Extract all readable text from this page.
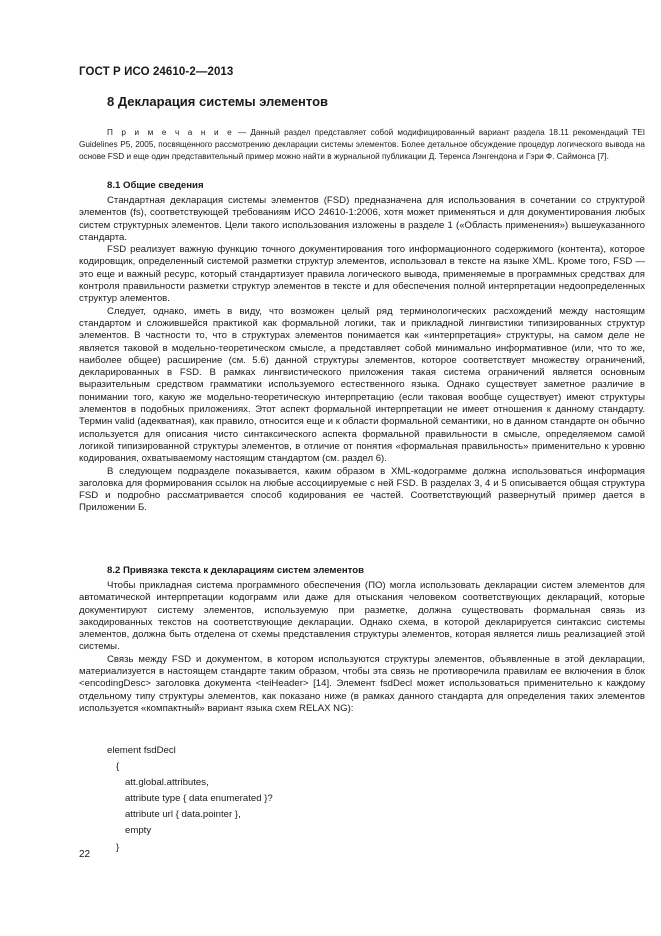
ГОСТ Р ИСО 24610-2—2013
8 Декларация системы элементов
П р и м е ч а н и е — Данный раздел представляет собой модифицированный вариант раздела 18.11 рекомендаций TEI Guidelines P5, 2005, посвященного рассмотрению декларации системы элементов. Более детальное обсуждение процедур логического вывода на основе FSD и еще один представительный пример можно найти в журнальной публикации Д. Теренса Лэнгендона и Гэри Ф. Саймонса [7].
8.1 Общие сведения

Стандартная декларация системы элементов (FSD) предназначена для использования в сочетании со структурой элементов (fs), соответствующей требованиям ИСО 24610-1:2006, хотя может применяться и для документирования любых систем структурных элементов. Цели такого использования изложены в разделе 1 («Область применения») вышеуказанного стандарта.

FSD реализует важную функцию точного документирования того информационного содержимого (контента), которое кодировщик, определенный системой разметки структур элементов, использовал в тексте на языке XML. Кроме того, FSD — это еще и важный ресурс, который стандартизует правила логического вывода, применяемые в программных средствах для контроля правильности разметки структур элементов в тексте и для обеспечения полной интерпретации недоопределенных структур элементов.

Следует, однако, иметь в виду, что возможен целый ряд терминологических расхождений между настоящим стандартом и сложившейся практикой как формальной логики, так и прикладной лингвистики типизированных структур элементов. В частности то, что в структурах элементов понимается как «интерпретация» структуры, на самом деле не является таковой в модельно-теоретическом смысле, а представляет собой минимально информативное (или, что то же, наиболее общее) расширение (см. 5.6) данной структуры элементов, которое соответствует множеству ограничений, декларированных в FSD. В рамках лингвистического приложения такая система ограничений является основным выразительным средством грамматики используемого естественного языка. Однако существует заметное различие в понимании того, какую же модельно-теоретическую интерпретацию (если таковая вообще существует) имеют структуры элементов в подобных приложениях. Этот аспект формальной интерпретации не имеет отношения к данному стандарту. Термин valid (адекватная), как правило, относится еще и к области формальной семантики, но в данном стандарте он обычно используется для описания чисто синтаксического аспекта формальной правильности в смысле, определяемом самой логикой типизированной структуры элементов, в отличие от понятия «формальная правильность» применительно к уровню кодирования, охватываемому настоящим стандартом (см. раздел 6).

В следующем подразделе показывается, каким образом в XML-кодограмме должна использоваться информация заголовка для формирования ссылок на любые ассоциируемые с ней FSD. В разделах 3, 4 и 5 описывается общая структура FSD и подробно рассматривается способ кодирования ее частей. Соответствующий развернутый пример дается в Приложении Б.

8.2 Привязка текста к декларациям систем элементов

Чтобы прикладная система программного обеспечения (ПО) могла использовать декларации систем элементов для автоматической интерпретации кодограмм или даже для отыскания человеком соответствующих деклараций, которые документируют систему элементов, используемую при разметке, должна существовать формальная связь из закодированных текстов на соответствующие декларации. Однако схема, в которой декларируется синтаксис системы элементов, должна быть отделена от схемы представления структуры элементов, которая является лишь реализацией этой системы.

Связь между FSD и документом, в котором используются структуры элементов, объявленные в этой декларации, материализуется в настоящем стандарте таким образом, чтобы эта связь не противоречила правилам ее включения в блок <encodingDesc> заголовка документа <teiHeader> [14]. Элемент fsdDecl может использоваться применительно к каждому отдельному типу структуры элементов, как показано ниже (в рамках данного стандарта для определения таких элементов используется «компактный» вариант языка схем RELAX NG):

element fsdDecl
{
att.global.attributes,
attribute type { data enumerated }?
attribute url { data.pointer },
empty
}
22
